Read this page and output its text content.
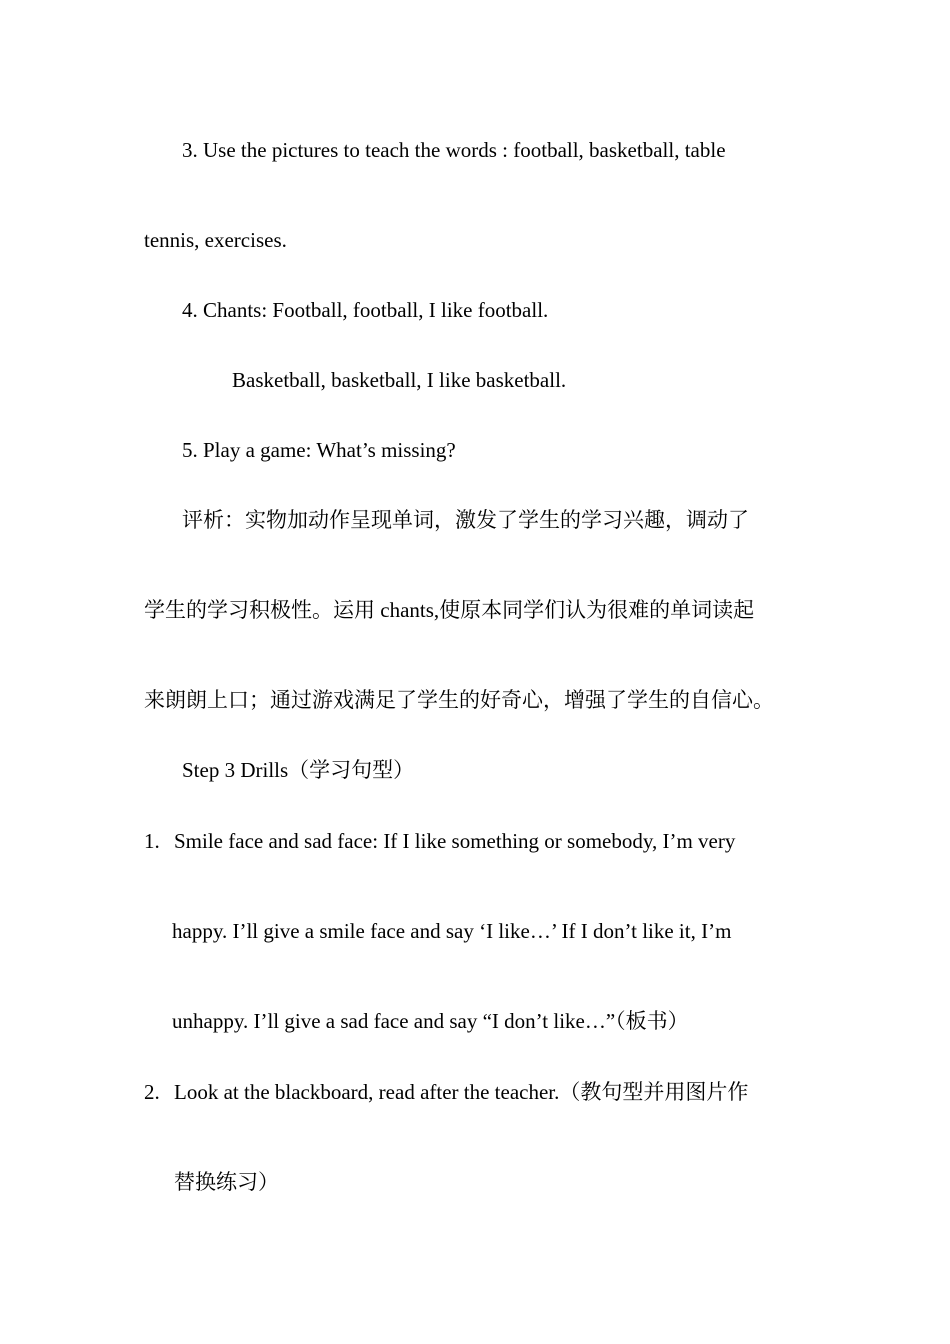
3. Use the pictures to teach the words : football, basketball, table
tennis, exercises.
4. Chants: Football, football, I like football.
Basketball, basketball, I like basketball.
5. Play a game: What’s missing?
评析：实物加动作呈现单词，激发了学生的学习兴趣，调动了
学生的学习积极性。运用 chants,使原本同学们认为很难的单词读起
来朗朗上口；通过游戏满足了学生的好奇心，增强了学生的自信心。
Step 3 Drills（学习句型）
1. Smile face and sad face: If I like something or somebody, I’m very
happy. I’ll give a smile face and say ‘I like…’ If I don’t like it, I’m
unhappy. I’ll give a sad face and say “I don’t like…”（板书）
2. Look at the blackboard, read after the teacher.（教句型并用图片作
替换练习）
